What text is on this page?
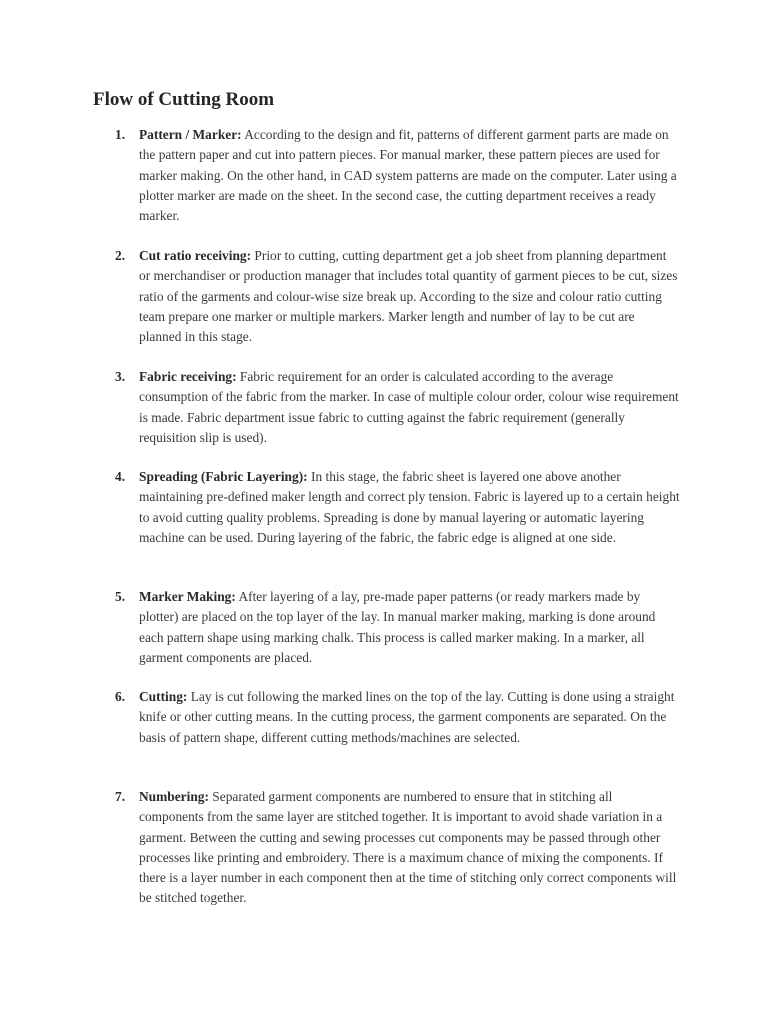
Flow of Cutting Room
1.	Pattern / Marker: According to the design and fit, patterns of different garment parts are made on the pattern paper and cut into pattern pieces. For manual marker, these pattern pieces are used for marker making. On the other hand, in CAD system patterns are made on the computer. Later using a plotter marker are made on the sheet. In the second case, the cutting department receives a ready marker.
2.	Cut ratio receiving: Prior to cutting, cutting department get a job sheet from planning department or merchandiser or production manager that includes total quantity of garment pieces to be cut, sizes ratio of the garments and colour-wise size break up. According to the size and colour ratio cutting team prepare one marker or multiple markers. Marker length and number of lay to be cut are planned in this stage.
3.	Fabric receiving: Fabric requirement for an order is calculated according to the average consumption of the fabric from the marker. In case of multiple colour order, colour wise requirement is made. Fabric department issue fabric to cutting against the fabric requirement (generally requisition slip is used).
4.	Spreading (Fabric Layering): In this stage, the fabric sheet is layered one above another maintaining pre-defined maker length and correct ply tension. Fabric is layered up to a certain height to avoid cutting quality problems. Spreading is done by manual layering or automatic layering machine can be used. During layering of the fabric, the fabric edge is aligned at one side.
5.	Marker Making: After layering of a lay, pre-made paper patterns (or ready markers made by plotter) are placed on the top layer of the lay. In manual marker making, marking is done around each pattern shape using marking chalk. This process is called marker making. In a marker, all garment components are placed.
6.	Cutting: Lay is cut following the marked lines on the top of the lay. Cutting is done using a straight knife or other cutting means. In the cutting process, the garment components are separated. On the basis of pattern shape, different cutting methods/machines are selected.
7.	Numbering: Separated garment components are numbered to ensure that in stitching all components from the same layer are stitched together. It is important to avoid shade variation in a garment. Between the cutting and sewing processes cut components may be passed through other processes like printing and embroidery. There is a maximum chance of mixing the components. If there is a layer number in each component then at the time of stitching only correct components will be stitched together.
